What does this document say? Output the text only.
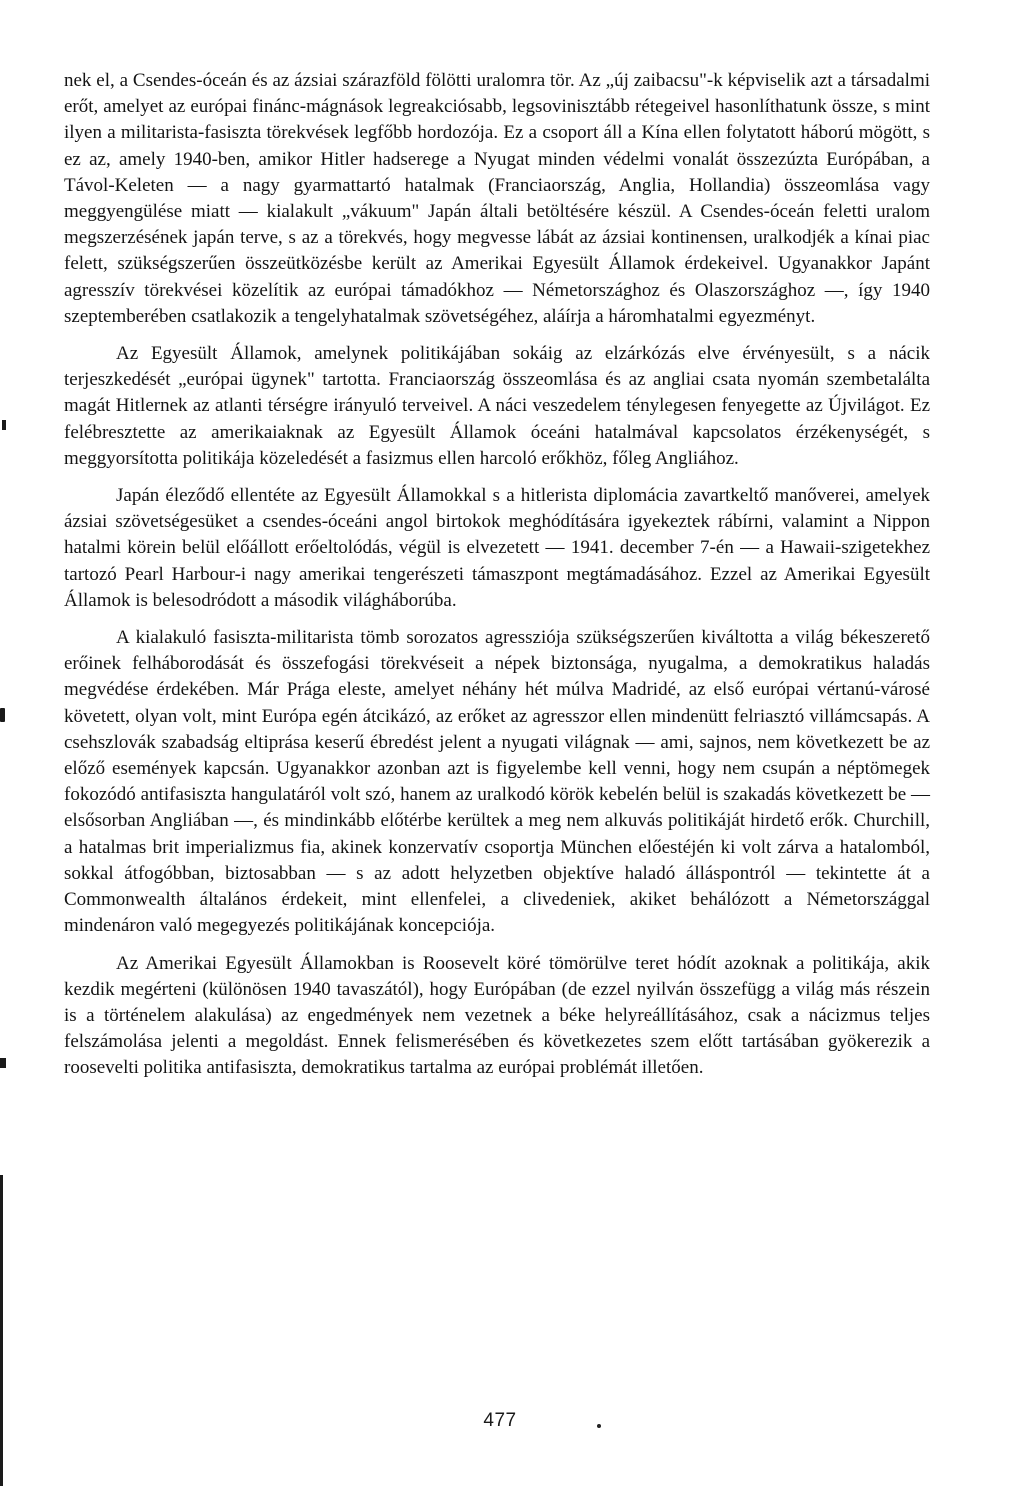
nek el, a Csendes-óceán és az ázsiai szárazföld fölötti uralomra tör. Az „új zaibacsu"-k képviselik azt a társadalmi erőt, amelyet az európai finánc-mágnások legreakciósabb, legsovinisztább rétegeivel hasonlíthatunk össze, s mint ilyen a militarista-fasiszta törekvések legfőbb hordozója. Ez a csoport áll a Kína ellen folytatott háború mögött, s ez az, amely 1940-ben, amikor Hitler hadserege a Nyugat minden védelmi vonalát összezúzta Európában, a Távol-Keleten — a nagy gyarmattartó hatalmak (Franciaország, Anglia, Hollandia) összeomlása vagy meggyengülése miatt — kialakult „vákuum" Japán általi betöltésére készül. A Csendes-óceán feletti uralom megszerzésének japán terve, s az a törekvés, hogy megvesse lábát az ázsiai kontinensen, uralkodjék a kínai piac felett, szükségszerűen összeütközésbe került az Amerikai Egyesült Államok érdekeivel. Ugyanakkor Japánt agresszív törekvései közelítik az európai támadókhoz — Németországhoz és Olaszországhoz —, így 1940 szeptemberében csatlakozik a tengelyhatalmak szövetségéhez, aláírja a háromhatalmi egyezményt.

Az Egyesült Államok, amelynek politikájában sokáig az elzárkózás elve érvényesült, s a nácik terjeszkedését „európai ügynek" tartotta. Franciaország összeomlása és az angliai csata nyomán szembetalálta magát Hitlernek az atlanti térségre irányuló terveivel. A náci veszedelem ténylegesen fenyegette az Újvilágot. Ez felébresztette az amerikaiaknak az Egyesült Államok óceáni hatalmával kapcsolatos érzékenységét, s meggyorsította politikája közeledését a fasizmus ellen harcoló erőkhöz, főleg Angliához.

Japán éleződő ellentéte az Egyesült Államokkal s a hitlerista diplomácia zavartkeltő manőverei, amelyek ázsiai szövetségesüket a csendes-óceáni angol birtokok meghódítására igyekeztek rábírni, valamint a Nippon hatalmi körein belül előállott erőeltolódás, végül is elvezetett — 1941. december 7-én — a Hawaii-szigetekhez tartozó Pearl Harbour-i nagy amerikai tengerészeti támaszpont megtámadásához. Ezzel az Amerikai Egyesült Államok is belesodródott a második világháborúba.

A kialakuló fasiszta-militarista tömb sorozatos agressziója szükségszerűen kiváltotta a világ békeszerető erőinek felháborodását és összefogási törekvéseit a népek biztonsága, nyugalma, a demokratikus haladás megvédése érdekében. Már Prága eleste, amelyet néhány hét múlva Madridé, az első európai vértanú-városé követett, olyan volt, mint Európa egén átcikázó, az erőket az agresszor ellen mindenütt felriasztó villámcsapás. A csehszlovák szabadság eltiprása keserű ébredést jelent a nyugati világnak — ami, sajnos, nem következett be az előző események kapcsán. Ugyanakkor azonban azt is figyelembe kell venni, hogy nem csupán a néptömegek fokozódó antifasiszta hangulatáról volt szó, hanem az uralkodó körök kebelén belül is szakadás következett be — elsősorban Angliában —, és mindinkább előtérbe kerültek a meg nem alkuvás politikáját hirdető erők. Churchill, a hatalmas brit imperializmus fia, akinek konzervatív csoportja München előestéjén ki volt zárva a hatalomból, sokkal átfogóbban, biztosabban — s az adott helyzetben objektíve haladó álláspontról — tekintette át a Commonwealth általános érdekeit, mint ellenfelei, a clivedeniek, akiket behálózott a Németországgal mindenáron való megegyezés politikájának koncepciója.

Az Amerikai Egyesült Államokban is Roosevelt köré tömörülve teret hódít azoknak a politikája, akik kezdik megérteni (különösen 1940 tavaszától), hogy Európában (de ezzel nyilván összefügg a világ más részein is a történelem alakulása) az engedmények nem vezetnek a béke helyreállításához, csak a nácizmus teljes felszámolása jelenti a megoldást. Ennek felismerésében és következetes szem előtt tartásában gyökerezik a roosevelti politika antifasiszta, demokratikus tartalma az európai problémát illetően.

477
